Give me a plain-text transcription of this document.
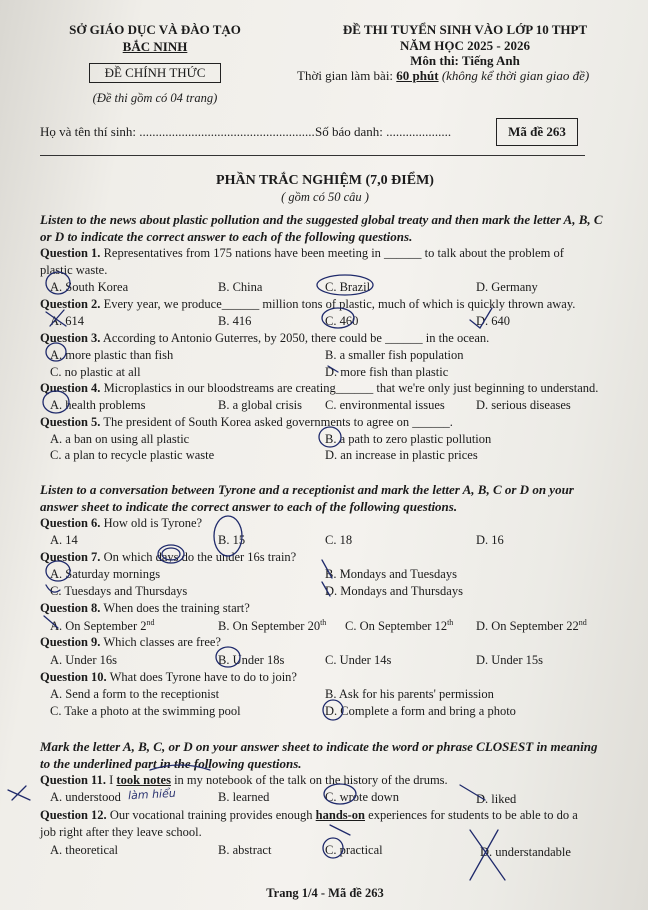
SỞ GIÁO DỤC VÀ ĐÀO TẠO
BẮC NINH
ĐỀ CHÍNH THỨC
(Đề thi gồm có 04 trang)
ĐỀ THI TUYỂN SINH VÀO LỚP 10 THPT
NĂM HỌC 2025 - 2026
Môn thi: Tiếng Anh
Thời gian làm bài: 60 phút (không kể thời gian giao đề)
Họ và tên thí sinh: ...................................................... Số báo danh: ....................	Mã đề 263
PHẦN TRẮC NGHIỆM (7,0 ĐIỂM)
( gồm có 50 câu )
Listen to the news about plastic pollution and the suggested global treaty and then mark the letter A, B, C
or D to indicate the correct answer to each of the following questions.
Question 1. Representatives from 175 nations have been meeting in ______ to talk about the problem of
plastic waste.
A. South Korea	B. China	C. Brazil	D. Germany
Question 2. Every year, we produce______ million tons of plastic, much of which is quickly thrown away.
A. 614	B. 416	C. 460	D. 640
Question 3. According to Antonio Guterres, by 2050, there could be ______ in the ocean.
A. more plastic than fish	B. a smaller fish population
C. no plastic at all	D. more fish than plastic
Question 4. Microplastics in our bloodstreams are creating______ that we're only just beginning to understand.
A. health problems	B. a global crisis C. environmental issues D. serious diseases
Question 5. The president of South Korea asked governments to agree on ______.
A. a ban on using all plastic	B. a path to zero plastic pollution
C. a plan to recycle plastic waste	D. an increase in plastic prices
Listen to a conversation between Tyrone and a receptionist and mark the letter A, B, C or D on your
answer sheet to indicate the correct answer to each of the following questions.
Question 6. How old is Tyrone?
A. 14	B. 15	C. 18	D. 16
Question 7. On which days do the under 16s train?
A. Saturday mornings	B. Mondays and Tuesdays
C. Tuesdays and Thursdays	D. Mondays and Thursdays
Question 8. When does the training start?
A. On September 2nd	B. On September 20th C. On September 12th D. On September 22nd
Question 9. Which classes are free?
A. Under 16s	B. Under 18s	C. Under 14s	D. Under 15s
Question 10. What does Tyrone have to do to join?
A. Send a form to the receptionist	B. Ask for his parents' permission
C. Take a photo at the swimming pool	D. Complete a form and bring a photo
Mark the letter A, B, C, or D on your answer sheet to indicate the word or phrase CLOSEST in meaning
to the underlined part in the following questions.
Question 11. I took notes in my notebook of the talk on the history of the drums.
A. understood làm hiểu	B. learned	C. wrote down	D. liked
Question 12. Our vocational training provides enough hands-on experiences for students to be able to do a
job right after they leave school.
A. theoretical	B. abstract	C. practical	D. understandable
Trang 1/4 - Mã đề 263
